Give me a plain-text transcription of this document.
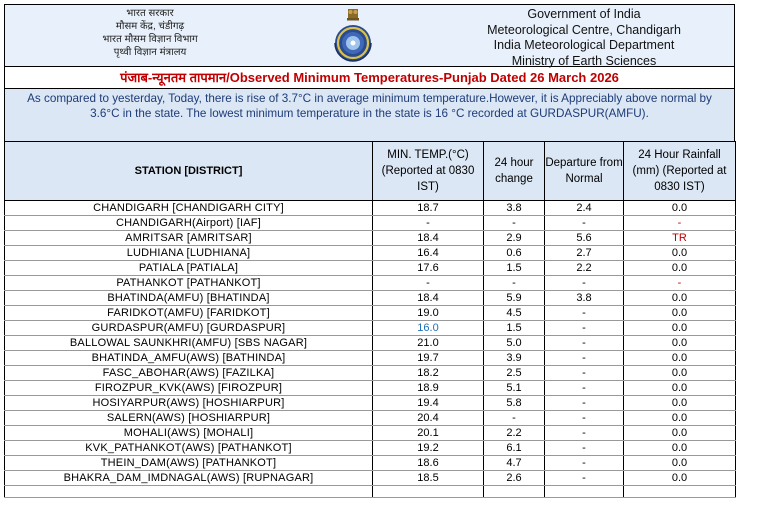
भारत सरकार
मौसम केंद्र, चंडीगढ़
भारत मौसम विज्ञान विभाग
पृथ्वी विज्ञान मंत्रालय
Government of India
Meteorological Centre, Chandigarh
India Meteorological Department
Ministry of Earth Sciences
पंजाब-न्यूनतम तापमान/Observed Minimum Temperatures-Punjab Dated 26 March 2026
As compared to yesterday, Today, there is rise of 3.7°C in average minimum temperature.However, it is Appreciably above normal by 3.6°C in the state. The lowest minimum temperature in the state is 16 °C recorded at GURDASPUR(AMFU).
STATION [DISTRICT]	MIN. TEMP.(°C) (Reported at 0830 IST)	24 hour change	Departure from Normal	24 Hour Rainfall (mm) (Reported at 0830 IST)
CHANDIGARH [CHANDIGARH CITY]	18.7	3.8	2.4	0.0
CHANDIGARH(Airport) [IAF]	-	-	-	-
AMRITSAR [AMRITSAR]	18.4	2.9	5.6	TR
LUDHIANA [LUDHIANA]	16.4	0.6	2.7	0.0
PATIALA [PATIALA]	17.6	1.5	2.2	0.0
PATHANKOT [PATHANKOT]	-	-	-	-
BHATINDA(AMFU) [BHATINDA]	18.4	5.9	3.8	0.0
FARIDKOT(AMFU) [FARIDKOT]	19.0	4.5	-	0.0
GURDASPUR(AMFU) [GURDASPUR]	16.0	1.5	-	0.0
BALLOWAL SAUNKHRI(AMFU) [SBS NAGAR]	21.0	5.0	-	0.0
BHATINDA_AMFU(AWS) [BATHINDA]	19.7	3.9	-	0.0
FASC_ABOHAR(AWS) [FAZILKA]	18.2	2.5	-	0.0
FIROZPUR_KVK(AWS) [FIROZPUR]	18.9	5.1	-	0.0
HOSIYARPUR(AWS) [HOSHIARPUR]	19.4	5.8	-	0.0
SALERN(AWS) [HOSHIARPUR]	20.4	-	-	0.0
MOHALI(AWS) [MOHALI]	20.1	2.2	-	0.0
KVK_PATHANKOT(AWS) [PATHANKOT]	19.2	6.1	-	0.0
THEIN_DAM(AWS) [PATHANKOT]	18.6	4.7	-	0.0
BHAKRA_DAM_IMDNAGAL(AWS) [RUPNAGAR]	18.5	2.6	-	0.0
